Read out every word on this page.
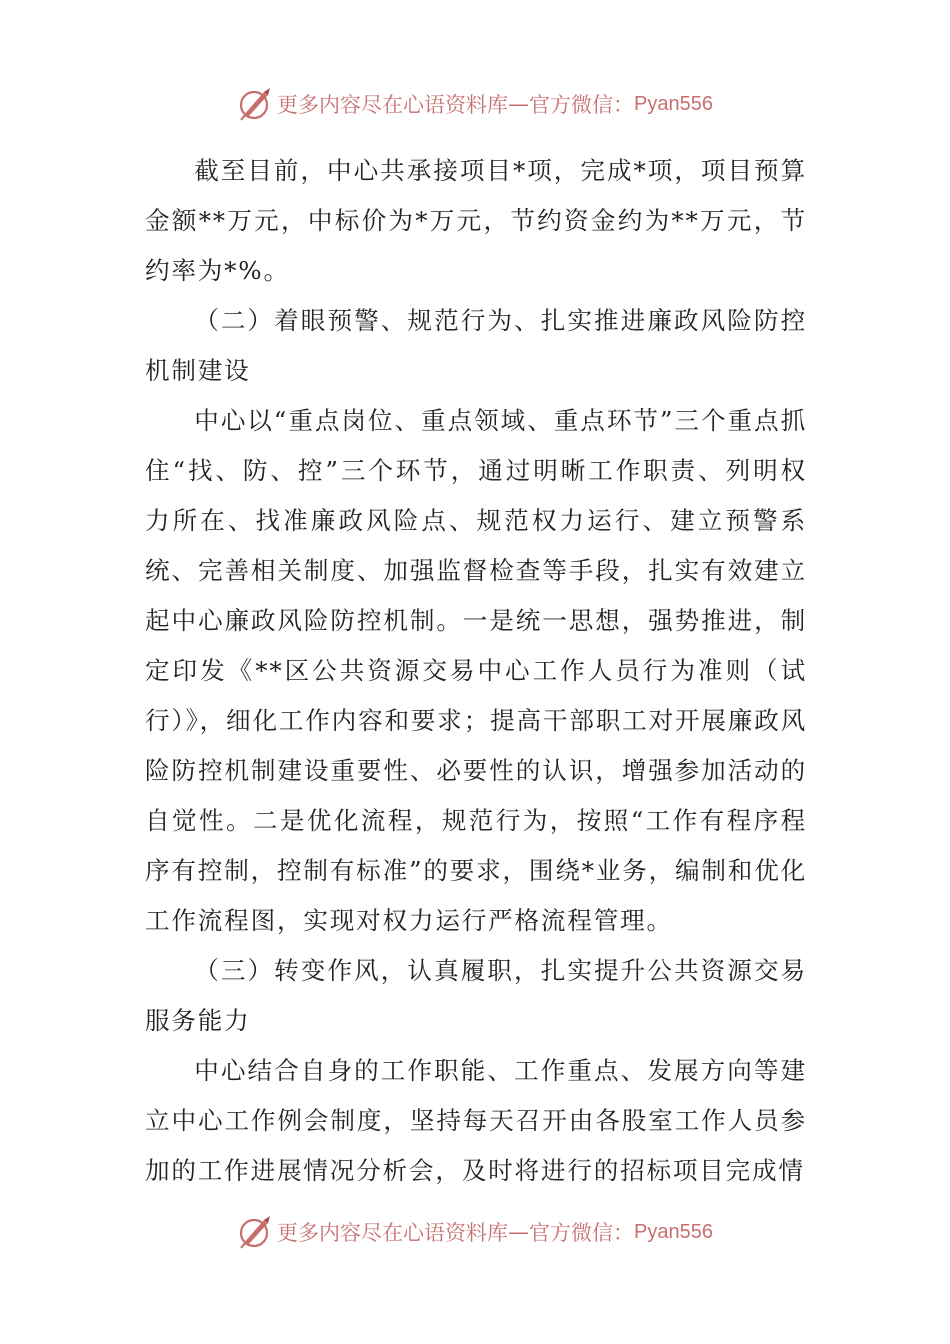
更多内容尽在心语资料库 — 官方微信： Pyan556

截至目前，中心共承接项目*项，完成*项，项目预算金额**万元，中标价为*万元，节约资金约为**万元，节约率为*%。

（二）着眼预警、规范行为、扎实推进廉政风险防控机制建设

中心以“重点岗位、重点领域、重点环节”三个重点抓住“找、防、控”三个环节，通过明晰工作职责、列明权力所在、找准廉政风险点、规范权力运行、建立预警系统、完善相关制度、加强监督检查等手段，扎实有效建立起中心廉政风险防控机制。一是统一思想，强势推进，制定印发《**区公共资源交易中心工作人员行为准则（试行）》，细化工作内容和要求；提高干部职工对开展廉政风险防控机制建设重要性、必要性的认识，增强参加活动的自觉性。二是优化流程，规范行为，按照“工作有程序程序有控制，控制有标准”的要求，围绕*业务，编制和优化工作流程图，实现对权力运行严格流程管理。

（三）转变作风，认真履职，扎实提升公共资源交易服务能力

中心结合自身的工作职能、工作重点、发展方向等建立中心工作例会制度，坚持每天召开由各股室工作人员参加的工作进展情况分析会，及时将进行的招标项目完成情

更多内容尽在心语资料库 — 官方微信： Pyan556
